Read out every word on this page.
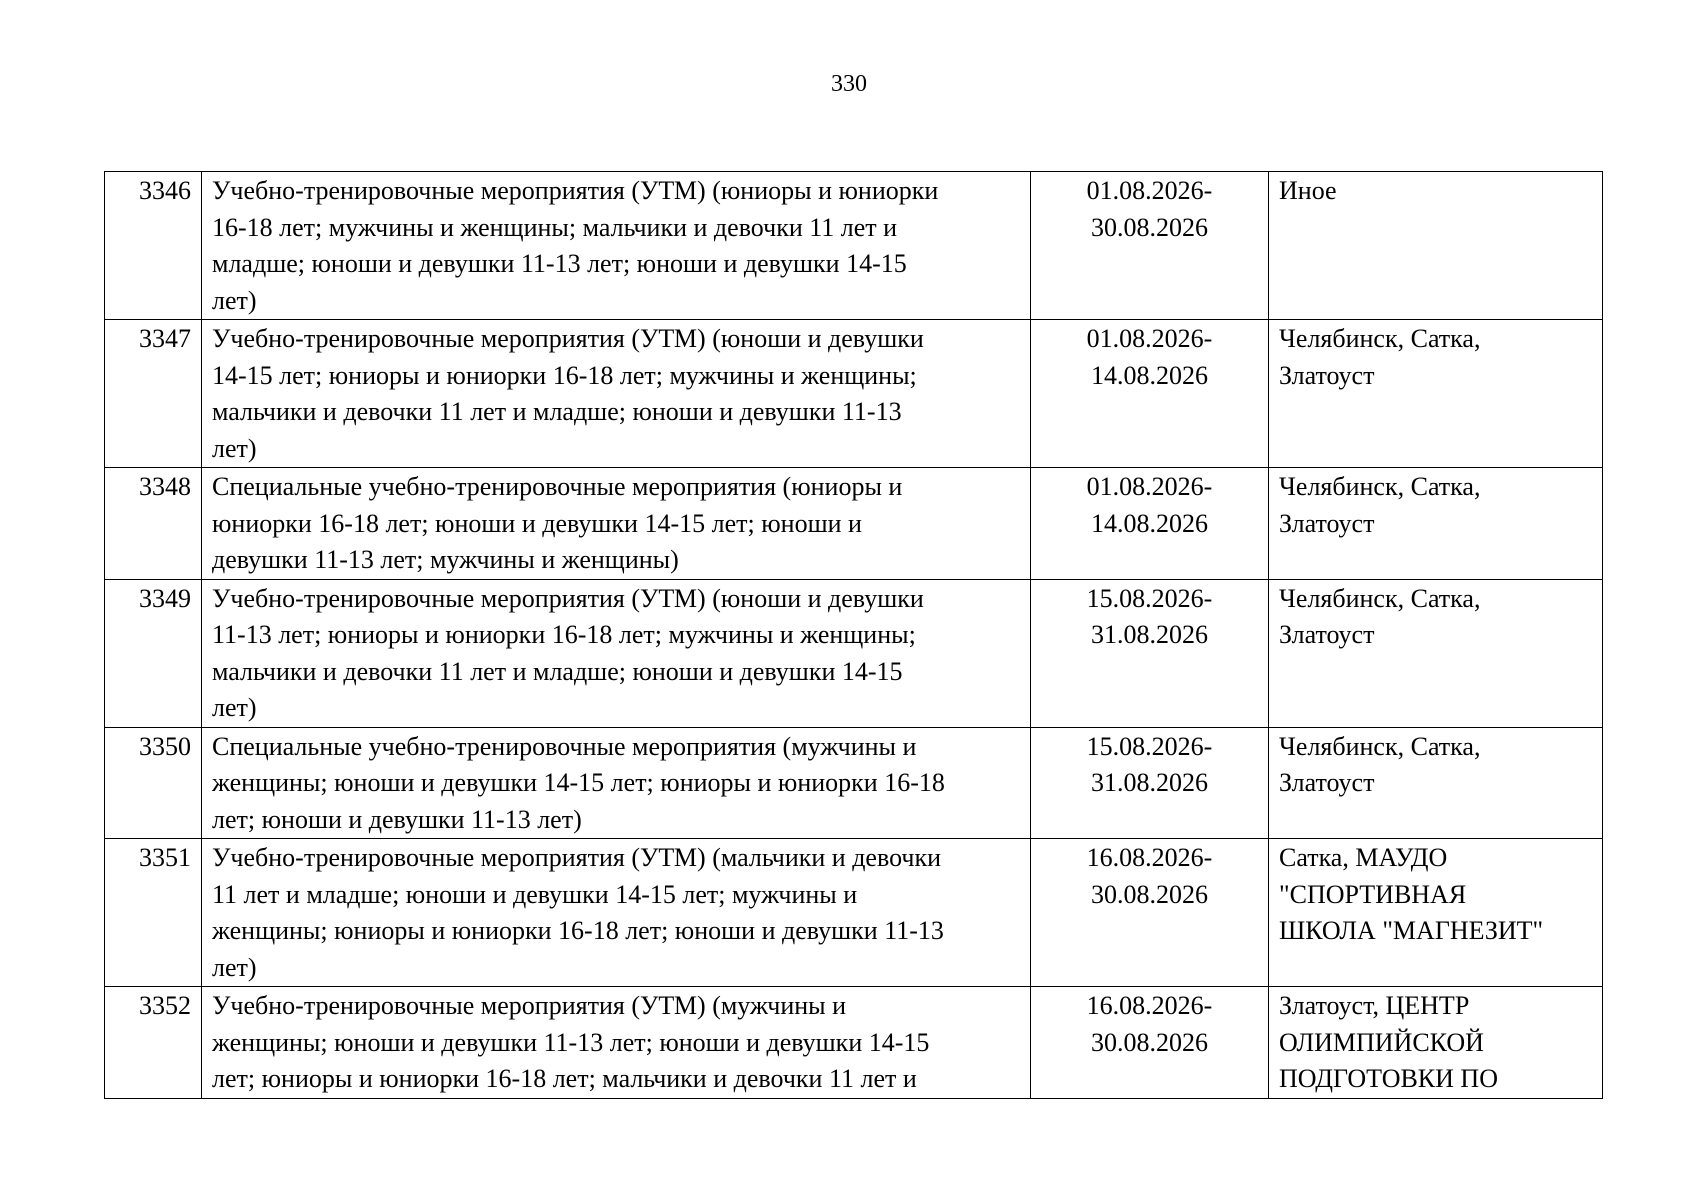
330
3346	Учебно-тренировочные мероприятия (УТМ) (юниоры и юниорки
16-18 лет; мужчины и женщины; мальчики и девочки 11 лет и
младше; юноши и девушки 11-13 лет; юноши и девушки 14-15
лет)	01.08.2026-
30.08.2026	Иное

3347	Учебно-тренировочные мероприятия (УТМ) (юноши и девушки
14-15 лет; юниоры и юниорки 16-18 лет; мужчины и женщины;
мальчики и девочки 11 лет и младше; юноши и девушки 11-13
лет)	01.08.2026-
14.08.2026	Челябинск, Сатка,
Златоуст

3348	Специальные учебно-тренировочные мероприятия (юниоры и
юниорки 16-18 лет; юноши и девушки 14-15 лет; юноши и
девушки 11-13 лет; мужчины и женщины)	01.08.2026-
14.08.2026	Челябинск, Сатка,
Златоуст

3349	Учебно-тренировочные мероприятия (УТМ) (юноши и девушки
11-13 лет; юниоры и юниорки 16-18 лет; мужчины и женщины;
мальчики и девочки 11 лет и младше; юноши и девушки 14-15
лет)	15.08.2026-
31.08.2026	Челябинск, Сатка,
Златоуст

3350	Специальные учебно-тренировочные мероприятия (мужчины и
женщины; юноши и девушки 14-15 лет; юниоры и юниорки 16-18
лет; юноши и девушки 11-13 лет)	15.08.2026-
31.08.2026	Челябинск, Сатка,
Златоуст

3351	Учебно-тренировочные мероприятия (УТМ) (мальчики и девочки
11 лет и младше; юноши и девушки 14-15 лет; мужчины и
женщины; юниоры и юниорки 16-18 лет; юноши и девушки 11-13
лет)	16.08.2026-
30.08.2026	Сатка, МАУДО
"СПОРТИВНАЯ
ШКОЛА "МАГНЕЗИТ"

3352	Учебно-тренировочные мероприятия (УТМ) (мужчины и
женщины; юноши и девушки 11-13 лет; юноши и девушки 14-15
лет; юниоры и юниорки 16-18 лет; мальчики и девочки 11 лет и	16.08.2026-
30.08.2026	Златоуст, ЦЕНТР
ОЛИМПИЙСКОЙ
ПОДГОТОВКИ ПО
